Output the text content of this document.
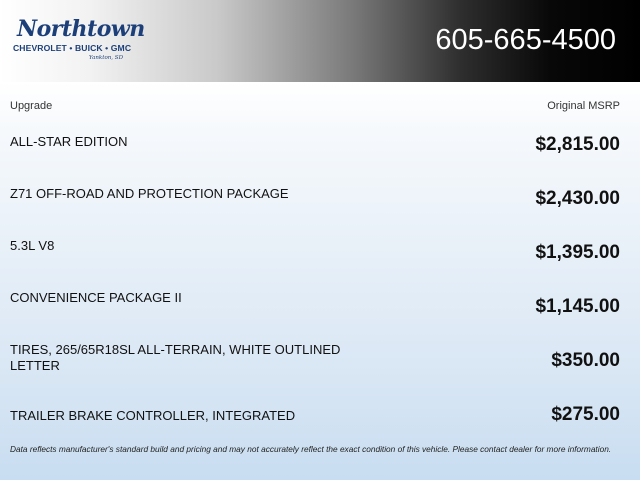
Northtown
CHEVROLET • BUICK • GMC
Yankton, SD
605-665-4500
Upgrade	Original MSRP
ALL-STAR EDITION	$2,815.00
Z71 OFF-ROAD AND PROTECTION PACKAGE	$2,430.00
5.3L V8	$1,395.00
CONVENIENCE PACKAGE II	$1,145.00
TIRES, 265/65R18SL ALL-TERRAIN, WHITE OUTLINED LETTER	$350.00
TRAILER BRAKE CONTROLLER, INTEGRATED	$275.00
Data reflects manufacturer's standard build and pricing and may not accurately reflect the exact condition of this vehicle. Please contact dealer for more information.
